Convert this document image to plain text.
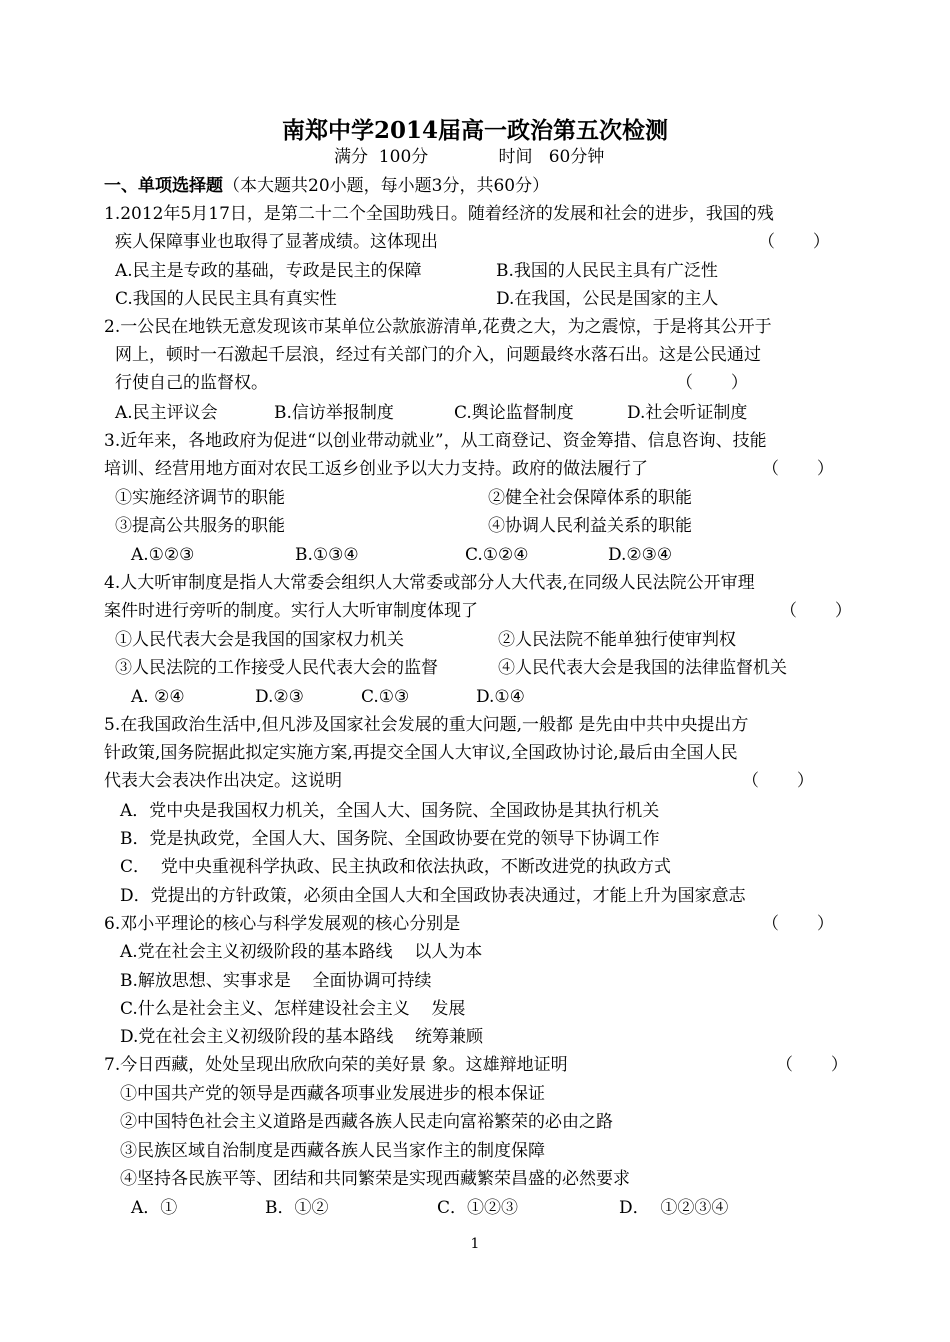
南郑中学2014届高一政治第五次检测
满分  100分             时间   60分钟
一、单项选择题（本大题共20小题，每小题3分，共60分）
1.2012年5月17日，是第二十二个全国助残日。随着经济的发展和社会的进步，我国的残
疾人保障事业也取得了显著成绩。这体现出	（       ）
A.民主是专政的基础，专政是民主的保障	B.我国的人民民主具有广泛性
C.我国的人民民主具有真实性	D.在我国，公民是国家的主人
2.一公民在地铁无意发现该市某单位公款旅游清单,花费之大，为之震惊，于是将其公开于
网上，顿时一石激起千层浪，经过有关部门的介入，问题最终水落石出。这是公民通过
行使自己的监督权。	（       ）
A.民主评议会	B.信访举报制度	C.舆论监督制度	D.社会听证制度
3.近年来，各地政府为促进“以创业带动就业”，从工商登记、资金筹措、信息咨询、技能
培训、经营用地方面对农民工返乡创业予以大力支持。政府的做法履行了	（       ）
①实施经济调节的职能	②健全社会保障体系的职能
③提高公共服务的职能	④协调人民利益关系的职能
A.①②③	B.①③④	C.①②④	D.②③④
4.人大听审制度是指人大常委会组织人大常委或部分人大代表,在同级人民法院公开审理
案件时进行旁听的制度。实行人大听审制度体现了	（       ）
①人民代表大会是我国的国家权力机关	②人民法院不能单独行使审判权
③人民法院的工作接受人民代表大会的监督	④人民代表大会是我国的法律监督机关
A. ②④	D.②③	C.①③	D.①④
5.在我国政治生活中,但凡涉及国家社会发展的重大问题,一般都 是先由中共中央提出方
针政策,国务院据此拟定实施方案,再提交全国人大审议,全国政协讨论,最后由全国人民
代表大会表决作出决定。这说明	（       ）
A．党中央是我国权力机关，全国人大、国务院、全国政协是其执行机关
B．党是执政党，全国人大、国务院、全国政协要在党的领导下协调工作
C．  党中央重视科学执政、民主执政和依法执政，不断改进党的执政方式
D．党提出的方针政策，必须由全国人大和全国政协表决通过，才能上升为国家意志
6.邓小平理论的核心与科学发展观的核心分别是	（       ）
A.党在社会主义初级阶段的基本路线    以人为本
B.解放思想、实事求是    全面协调可持续
C.什么是社会主义、怎样建设社会主义    发展
D.党在社会主义初级阶段的基本路线    统筹兼顾
7.今日西藏，处处呈现出欣欣向荣的美好景 象。这雄辩地证明	（       ）
①中国共产党的领导是西藏各项事业发展进步的根本保证
②中国特色社会主义道路是西藏各族人民走向富裕繁荣的必由之路
③民族区域自治制度是西藏各族人民当家作主的制度保障
④坚持各民族平等、团结和共同繁荣是实现西藏繁荣昌盛的必然要求
A．①	B．①②	C．①②③	D．  ①②③④
1
